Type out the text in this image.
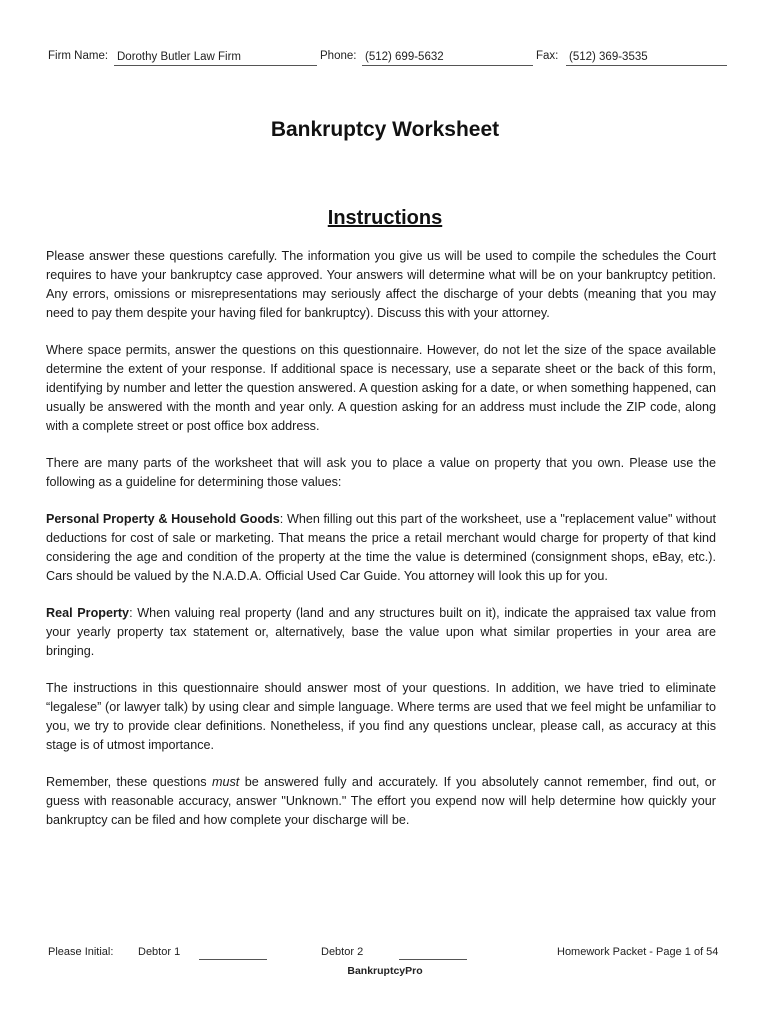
Firm Name: Dorothy Butler Law Firm	Phone: (512) 699-5632	Fax: (512) 369-3535
Bankruptcy Worksheet
Instructions

Please answer these questions carefully. The information you give us will be used to compile the schedules the Court requires to have your bankruptcy case approved. Your answers will determine what will be on your bankruptcy petition. Any errors, omissions or misrepresentations may seriously affect the discharge of your debts (meaning that you may need to pay them despite your having filed for bankruptcy). Discuss this with your attorney.

Where space permits, answer the questions on this questionnaire. However, do not let the size of the space available determine the extent of your response. If additional space is necessary, use a separate sheet or the back of this form, identifying by number and letter the question answered. A question asking for a date, or when something happened, can usually be answered with the month and year only. A question asking for an address must include the ZIP code, along with a complete street or post office box address.

There are many parts of the worksheet that will ask you to place a value on property that you own. Please use the following as a guideline for determining those values:

Personal Property & Household Goods: When filling out this part of the worksheet, use a "replacement value" without deductions for cost of sale or marketing. That means the price a retail merchant would charge for property of that kind considering the age and condition of the property at the time the value is determined (consignment shops, eBay, etc.). Cars should be valued by the N.A.D.A. Official Used Car Guide. You attorney will look this up for you.

Real Property: When valuing real property (land and any structures built on it), indicate the appraised tax value from your yearly property tax statement or, alternatively, base the value upon what similar properties in your area are bringing.

The instructions in this questionnaire should answer most of your questions. In addition, we have tried to eliminate “legalese” (or lawyer talk) by using clear and simple language. Where terms are used that we feel might be unfamiliar to you, we try to provide clear definitions. Nonetheless, if you find any questions unclear, please call, as accuracy at this stage is of utmost importance.

Remember, these questions must be answered fully and accurately. If you absolutely cannot remember, find out, or guess with reasonable accuracy, answer "Unknown." The effort you expend now will help determine how quickly your bankruptcy can be filed and how complete your discharge will be.

Please Initial: Debtor 1	Debtor 2	Homework Packet - Page 1 of 54
BankruptcyPro
